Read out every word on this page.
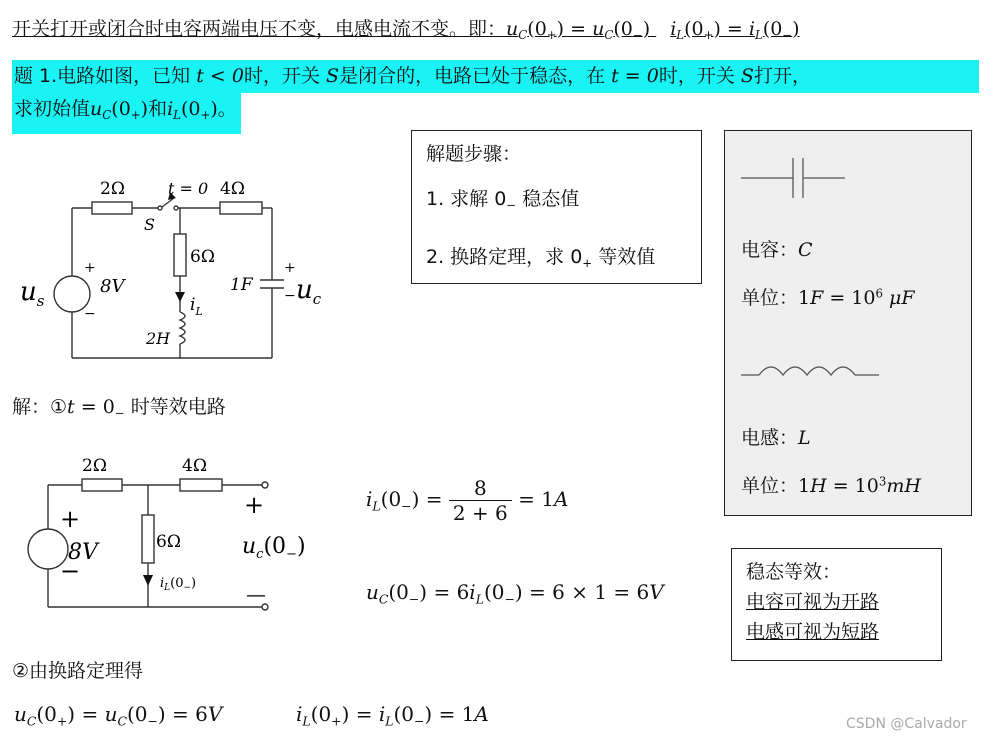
开关打开或闭合时电容两端电压不变，电感电流不变。即：$u_C(0_+) = u_C(0_-) i_L(0_+) = i_L(0_-)$
题 1.电路如图，已知 t < 0时，开关 S是闭合的，电路已处于稳态，在 t = 0时，开关 S打开，
求初始值$u_C(0_+)$和$i_L(0_+)$。
解题步骤：
1. 求解 $0_-$ 稳态值
2. 换路定理，求 $0_+$ 等效值	电容：C
单位：$1F = 10^6$ μF
电感：L
单位：$1H = 10^3mH$
2Ω	4Ω
t = 0
S
6Ω
$u_s$
8V
+
−	$i_L$
2H
1F
+
− $u_c$
解：①t = $0_-$ 时等效电路
2Ω	4Ω
6Ω
8V
+
−	$i_L(0_-)$
+
—
$u_c(0_-)$
$i_L(0_-) = \frac{8}{2 + 6} = 1A$
$u_C(0_-) = 6i_L(0_-) = 6 \times 1 = 6V$
稳态等效：
电容可视为开路
电感可视为短路
②由换路定理得
$u_C(0_+) = u_C(0_-) = 6V$	$i_L(0_+) = i_L(0_-) = 1A$	CSDN @Calvador
